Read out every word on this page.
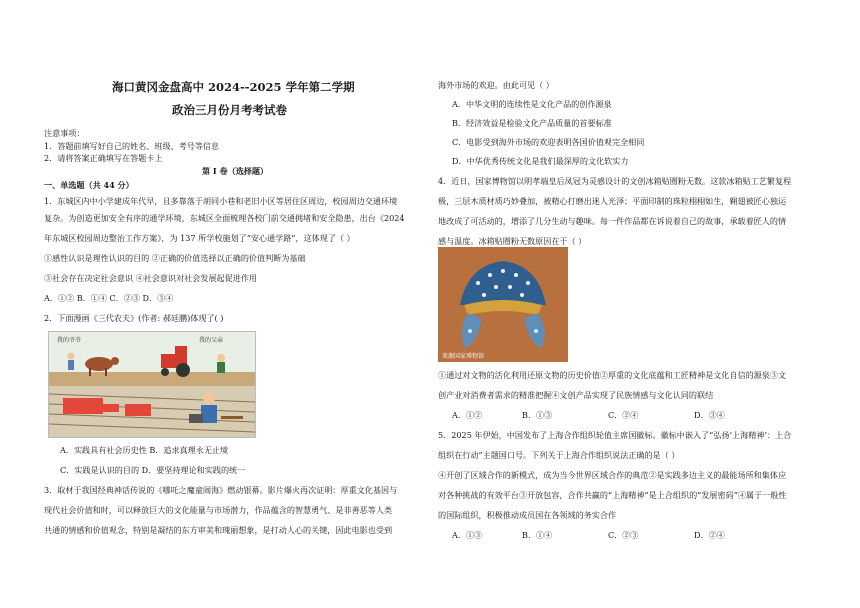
海口黄冈金盘高中 2024--2025 学年第二学期
政治三月份月考考试卷
注意事项：
1．答题前填写好自己的姓名、班级、考号等信息
2．请将答案正确填写在答题卡上
第 I 卷（选择题）
一、单选题（共 44 分）
1．东城区内中小学建成年代早，且多靠落于胡同小巷和老旧小区等居住区周边，校园周边交通环境
复杂。为创造更加安全有序的通学环境，东城区全面梳理各校门前交通拥堵和安全隐患，出台《2024
年东城区校园周边整治工作方案》，为 137 所学校施划了“安心通学路”，这体现了（ ）
①感性认识是理性认识的目的 ②正确的价值选择以正确的价值判断为基础
③社会存在决定社会意识 ④社会意识对社会发展起促进作用
A．①② B．①④ C．②③ D．③④
2．下面漫画《三代农夫》(作者: 郝廷鹏)体现了( )
我的爷爷	我的父亲
A．实践具有社会历史性 B．追求真理永无止境
C．实践是认识的目的 D．要坚持理论和实践的统一
3．取材于我国经典神话传说的《哪吒之魔童闹海》燃动银幕。影片爆火再次证明：厚重文化基因与
现代社会价值和时，可以释放巨大的文化能量与市场潜力，作品蕴含的智慧勇气、是非善恶等人类
共通的情感和价值观念，特别是凝结的东方审美和瑰丽想象，是打动人心的关键，因此电影也受到
海外市场的欢迎。由此可见（ ）
A．中华文明的连续性是文化产品的创作源泉
B．经济效益是检验文化产品质量的首要标准
C．电影受到海外市场的欢迎表明各国价值观完全相同
D．中华优秀传统文化是我们最深厚的文化软实力
4．近日，国家博物馆以明孝端皇后凤冠为灵感设计的文创冰箱贴圈粉无数。这款冰箱贴工艺繁复程
极，三层木质材质巧妙叠加，被精心打磨出迷人光泽；平面印制的珠粒栩栩如生，翱翅被匠心独运
地改成了可活动的，增添了几分生动与趣味。每一件作品都在诉说着自己的故事，承载着匠人的情
感与温度。冰箱贴圈粉无数原因在于（ ）
来源国家博物馆
①通过对文物的活化利用还原文物的历史价值②厚重的文化底蕴和工匠精神是文化自信的源泉③文
创产业对消费者需求的精准把握④文创产品实现了民族情感与文化认同的联结
A．①②	B．①③	C．②④	D．③④
5．2025 年伊始，中国发布了上海合作组织轮值主席国徽标。徽标中嵌入了“弘扬‘上海精神’：上合
组织在行动”主题国口号。下列关于上海合作组织说法正确的是（ ）
④开创了区域合作的新模式，成为当今世界区域合作的典范②是实践多边主义的最能场所和集体应
对各种挑战的有效平台③开放包容，合作共赢的“上海精神”是上合组织的“发展密码”④属于一般性
的国际组织，积极推动成员国在各领域的务实合作
A．①③	B．①④	C．②③	D．②④
